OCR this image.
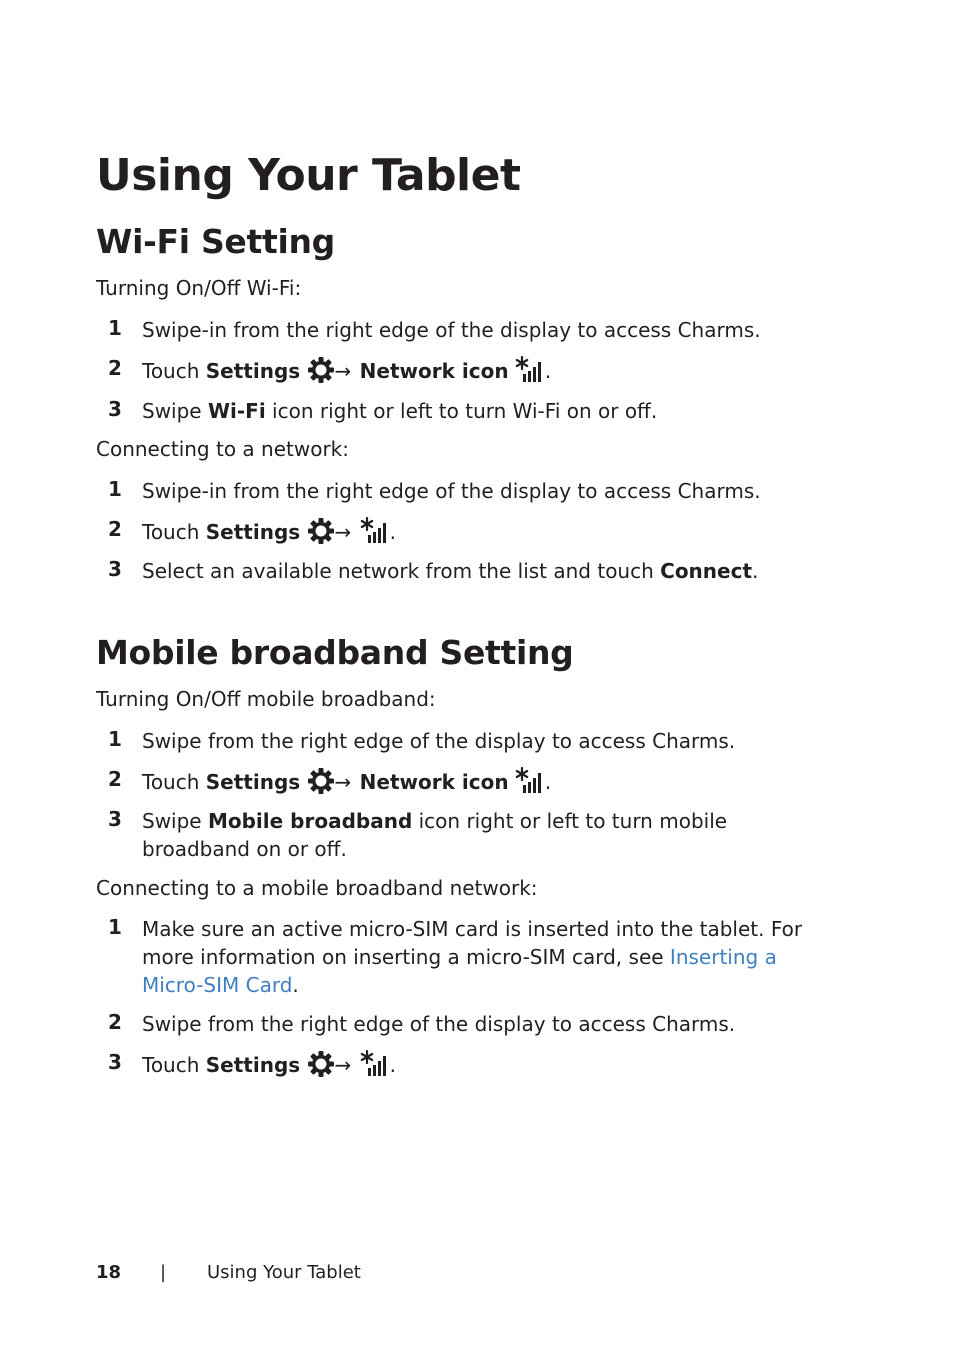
Using Your Tablet
Wi-Fi Setting
Turning On/Off Wi-Fi:
1 Swipe-in from the right edge of the display to access Charms.
2 Touch Settings → Network icon .
3 Swipe Wi-Fi icon right or left to turn Wi-Fi on or off.
Connecting to a network:
1 Swipe-in from the right edge of the display to access Charms.
2 Touch Settings → .
3 Select an available network from the list and touch Connect.
Mobile broadband Setting
Turning On/Off mobile broadband:
1 Swipe from the right edge of the display to access Charms.
2 Touch Settings → Network icon .
3 Swipe Mobile broadband icon right or left to turn mobile broadband on or off.
Connecting to a mobile broadband network:
1 Make sure an active micro-SIM card is inserted into the tablet. For more information on inserting a micro-SIM card, see Inserting a Micro-SIM Card.
2 Swipe from the right edge of the display to access Charms.
3 Touch Settings → .
18 | Using Your Tablet
